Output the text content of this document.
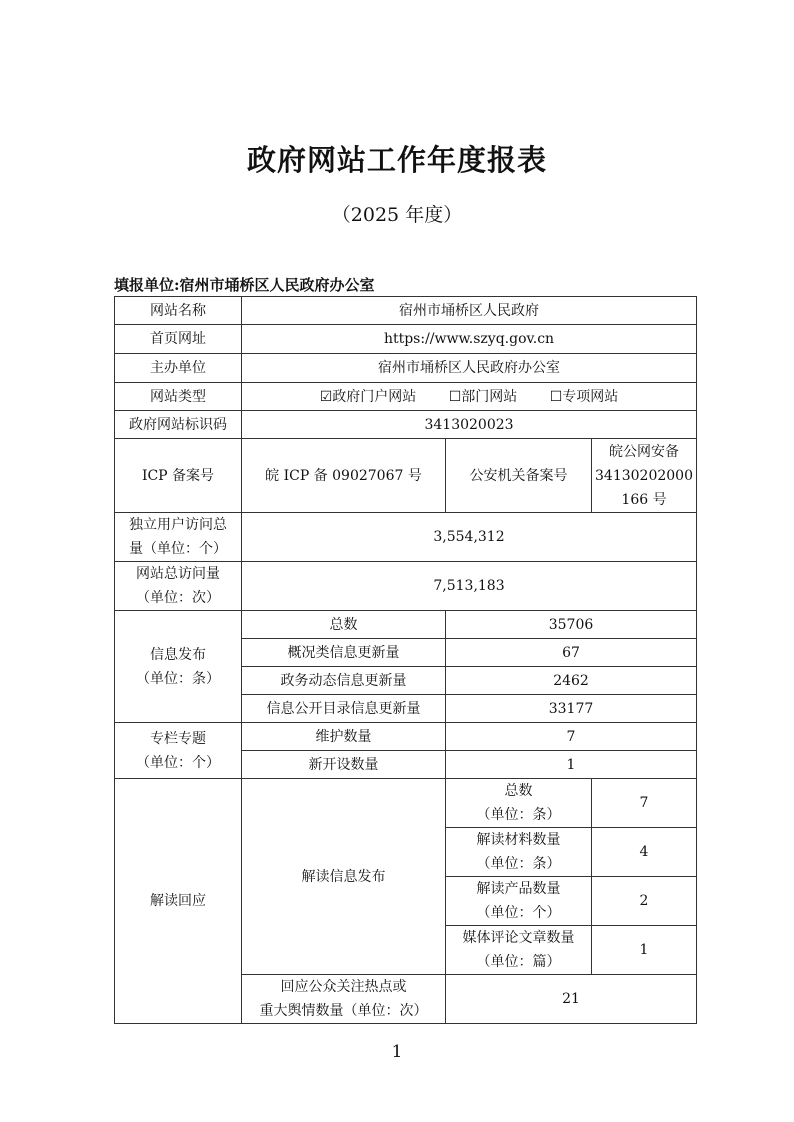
政府网站工作年度报表
（2025 年度）
填报单位:宿州市埇桥区人民政府办公室
网站名称	宿州市埇桥区人民政府		
首页网址	https://www.szyq.gov.cn		
主办单位	宿州市埇桥区人民政府办公室		
网站类型	☑政府门户网站 ☐部门网站 ☐专项网站		
政府网站标识码	3413020023		
ICP 备案号	皖 ICP 备 09027067 号	公安机关备案号	皖公网安备
34130202000
166 号

独立用户访问总
量（单位：个）	3,554,312		

网站总访问量
（单位：次）	7,513,183		

信息发布
（单位：条）	总数	35706	
	概况类信息更新量	67	
	政务动态信息更新量	2462	
	信息公开目录信息更新量	33177	

专栏专题
（单位：个）	维护数量	7	
	新开设数量	1	
解读回应	解读信息发布	总数
（单位：条）	7

		解读材料数量
（单位：条）	4

		解读产品数量
（单位：个）	2

		媒体评论文章数量
（单位：篇）	1

	回应公众关注热点或
重大舆情数量（单位：次）	21	
1
